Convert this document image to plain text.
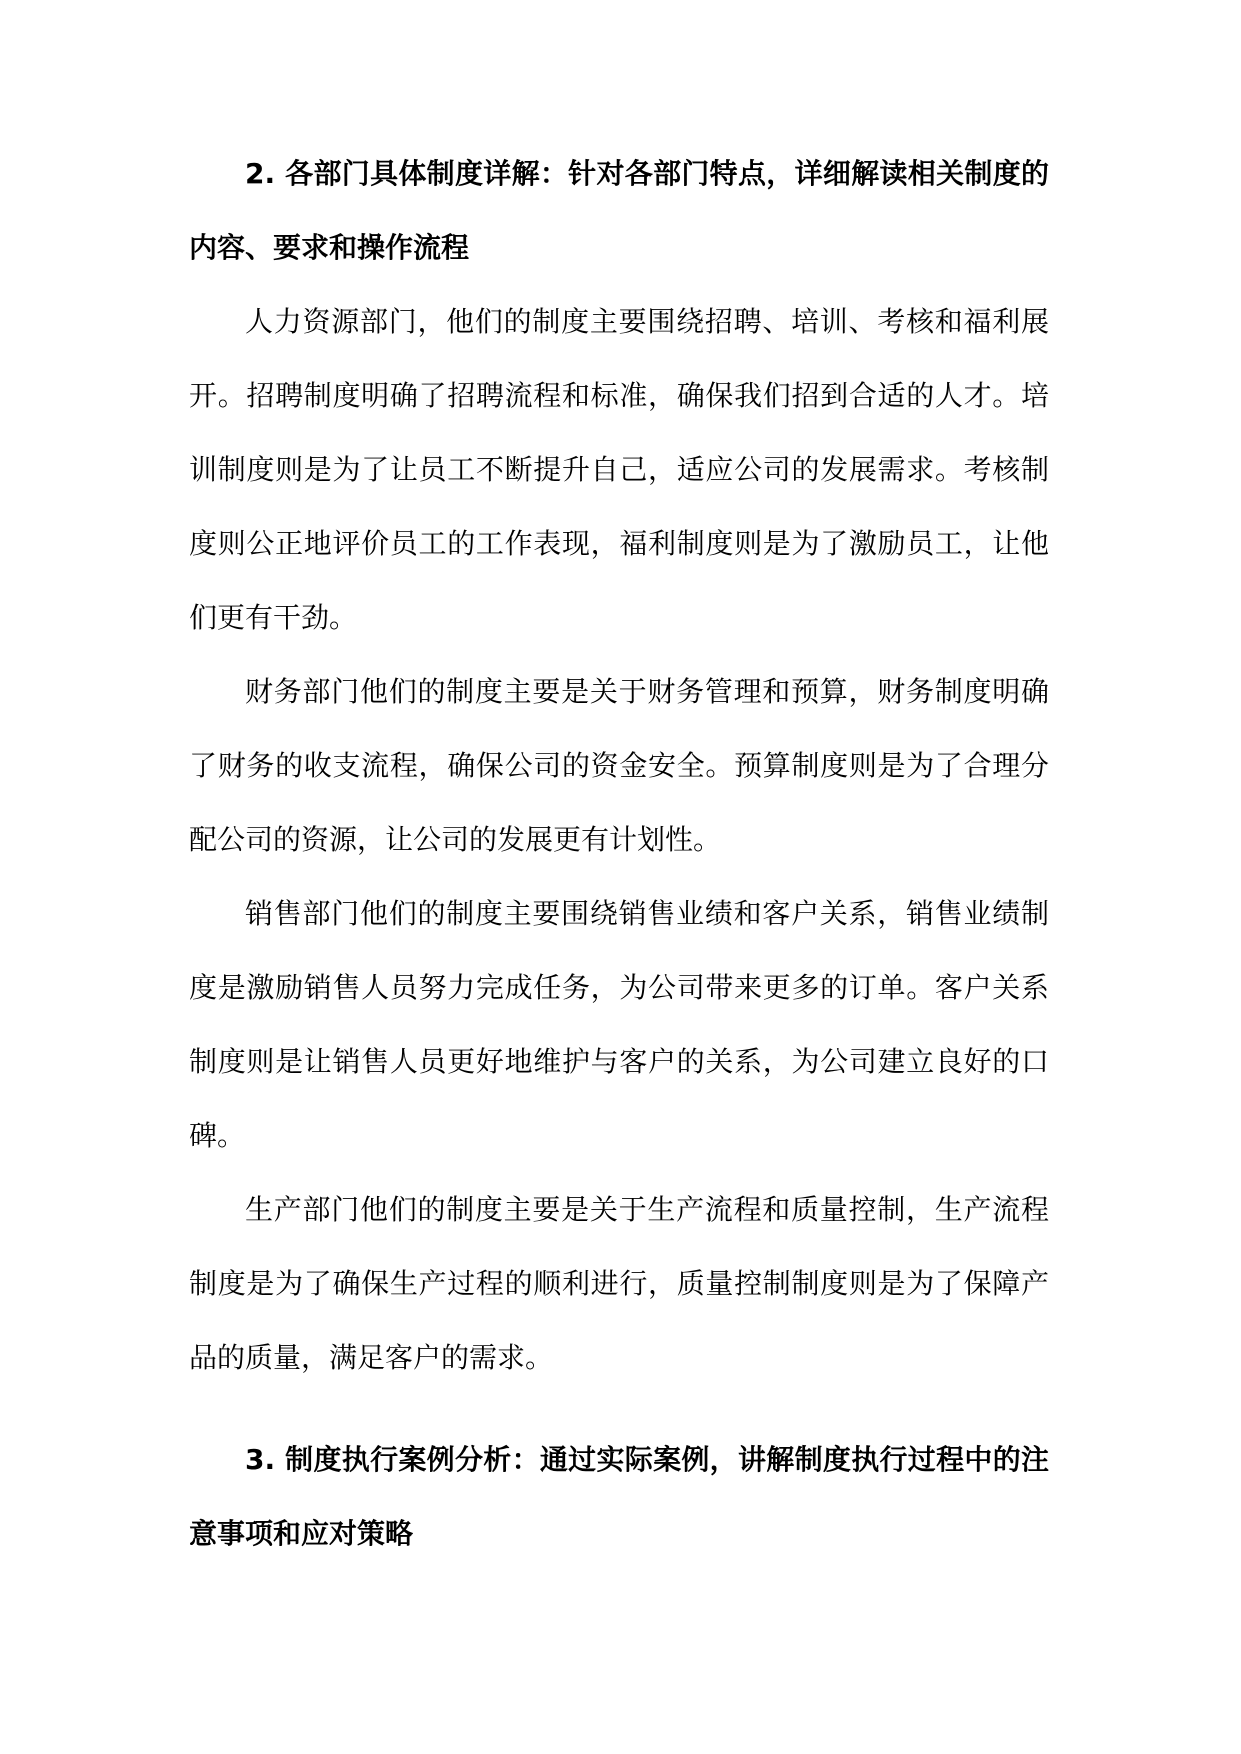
2. 各部门具体制度详解：针对各部门特点，详细解读相关制度的内容、要求和操作流程

人力资源部门，他们的制度主要围绕招聘、培训、考核和福利展开。招聘制度明确了招聘流程和标准，确保我们招到合适的人才。培训制度则是为了让员工不断提升自己，适应公司的发展需求。考核制度则公正地评价员工的工作表现，福利制度则是为了激励员工，让他们更有干劲。

财务部门他们的制度主要是关于财务管理和预算，财务制度明确了财务的收支流程，确保公司的资金安全。预算制度则是为了合理分配公司的资源，让公司的发展更有计划性。

销售部门他们的制度主要围绕销售业绩和客户关系，销售业绩制度是激励销售人员努力完成任务，为公司带来更多的订单。客户关系制度则是让销售人员更好地维护与客户的关系，为公司建立良好的口碑。

生产部门他们的制度主要是关于生产流程和质量控制，生产流程制度是为了确保生产过程的顺利进行，质量控制制度则是为了保障产品的质量，满足客户的需求。

3. 制度执行案例分析：通过实际案例，讲解制度执行过程中的注意事项和应对策略
